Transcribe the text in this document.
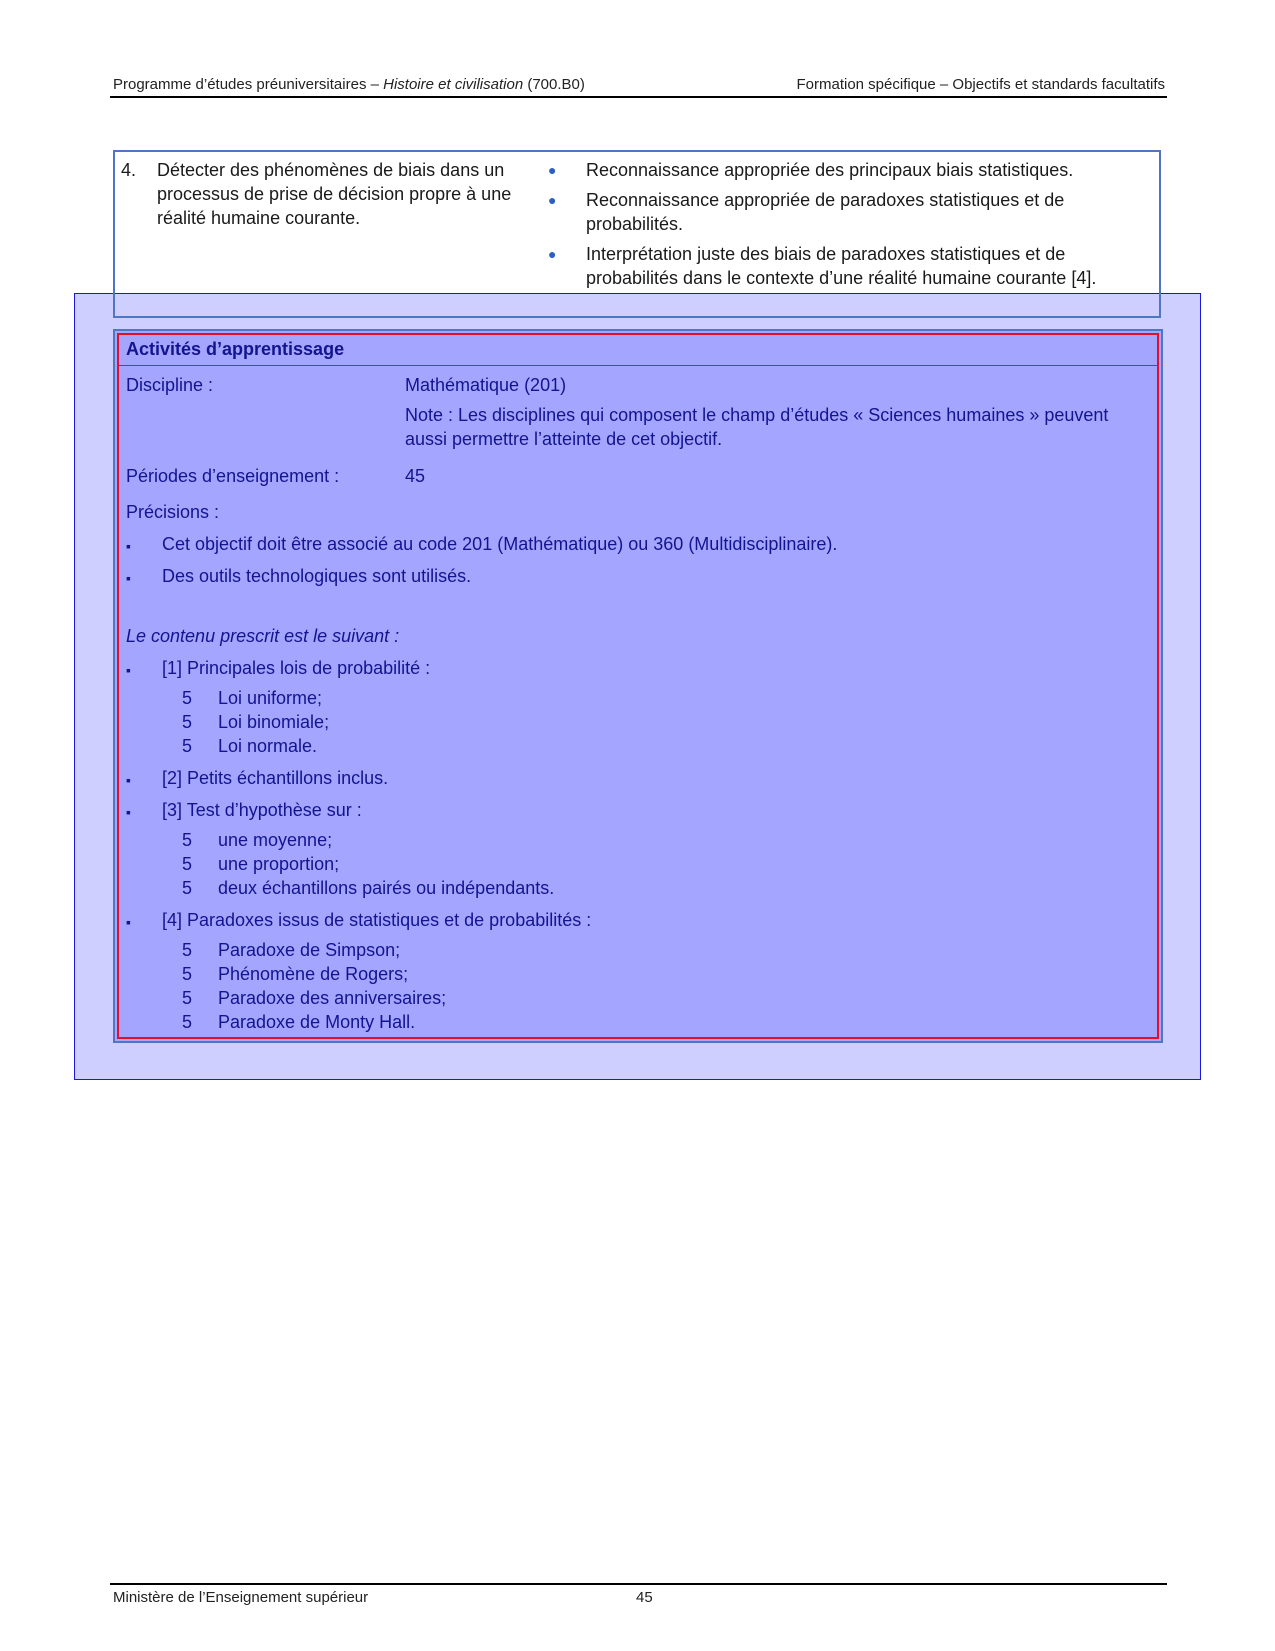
Programme d’études préuniversitaires – Histoire et civilisation (700.B0)	Formation spécifique – Objectifs et standards facultatifs
4. Détecter des phénomènes de biais dans un processus de prise de décision propre à une réalité humaine courante.
● Reconnaissance appropriée des principaux biais statistiques.
● Reconnaissance appropriée de paradoxes statistiques et de probabilités.
● Interprétation juste des biais de paradoxes statistiques et de probabilités dans le contexte d’une réalité humaine courante [4].
Activités d’apprentissage
Discipline :	Mathématique (201)
Note : Les disciplines qui composent le champ d’études « Sciences humaines » peuvent aussi permettre l’atteinte de cet objectif.
Périodes d’enseignement :	45
Précisions :
▪ Cet objectif doit être associé au code 201 (Mathématique) ou 360 (Multidisciplinaire).
▪ Des outils technologiques sont utilisés.
Le contenu prescrit est le suivant :
▪ [1] Principales lois de probabilité :
5 Loi uniforme;
5 Loi binomiale;
5 Loi normale.
▪ [2] Petits échantillons inclus.
▪ [3] Test d’hypothèse sur :
5 une moyenne;
5 une proportion;
5 deux échantillons pairés ou indépendants.
▪ [4] Paradoxes issus de statistiques et de probabilités :
5 Paradoxe de Simpson;
5 Phénomène de Rogers;
5 Paradoxe des anniversaires;
5 Paradoxe de Monty Hall.
Ministère de l’Enseignement supérieur	45
